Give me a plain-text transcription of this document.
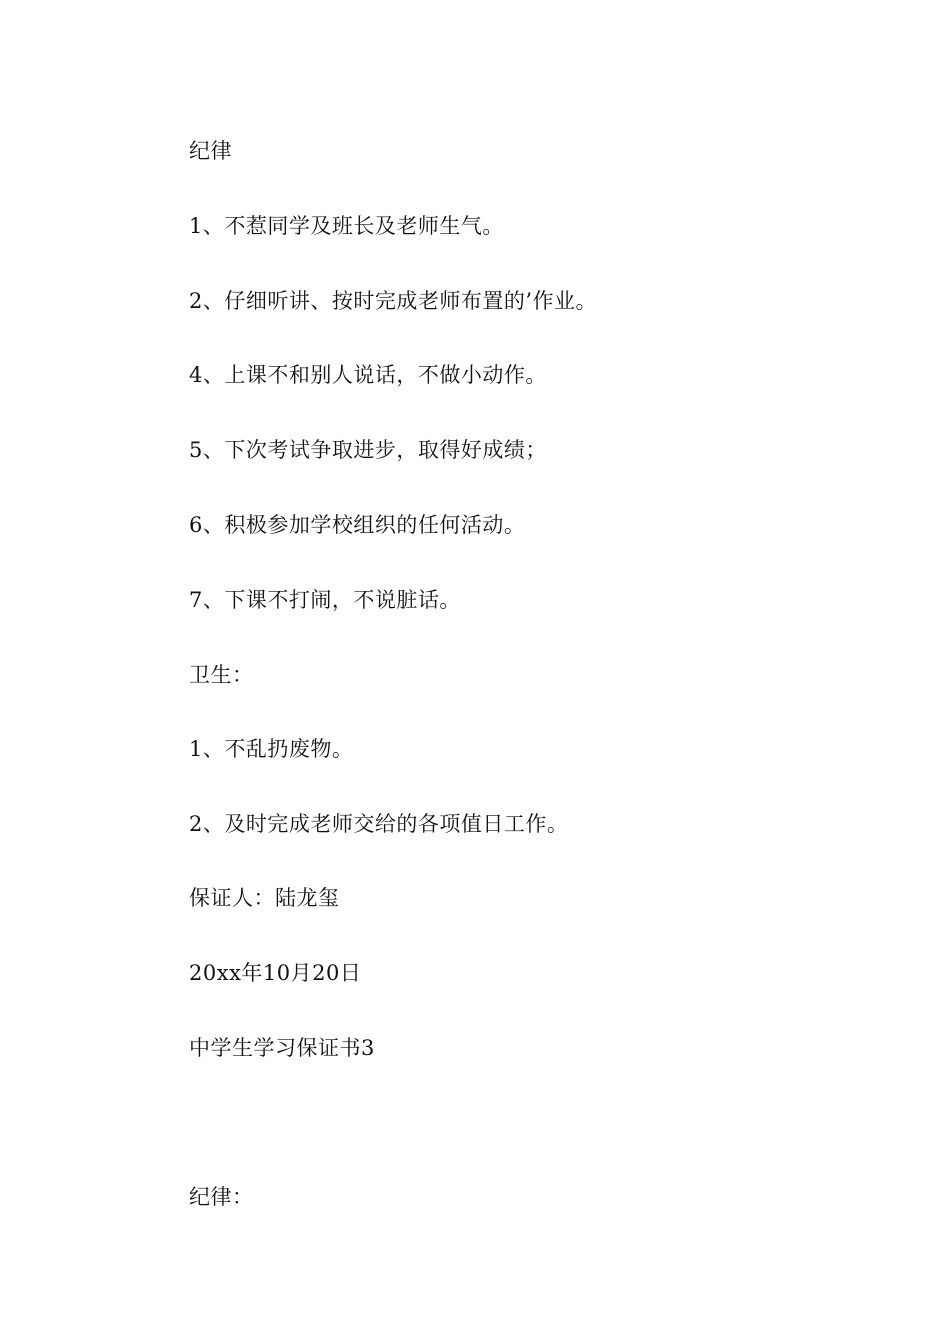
纪律
1、不惹同学及班长及老师生气。
2、仔细听讲、按时完成老师布置的’作业。
4、上课不和别人说话，不做小动作。
5、下次考试争取进步，取得好成绩；
6、积极参加学校组织的任何活动。
7、下课不打闹，不说脏话。
卫生：
1、不乱扔废物。
2、及时完成老师交给的各项值日工作。
保证人：陆龙玺
20xx年10月20日
中学生学习保证书3
纪律：
